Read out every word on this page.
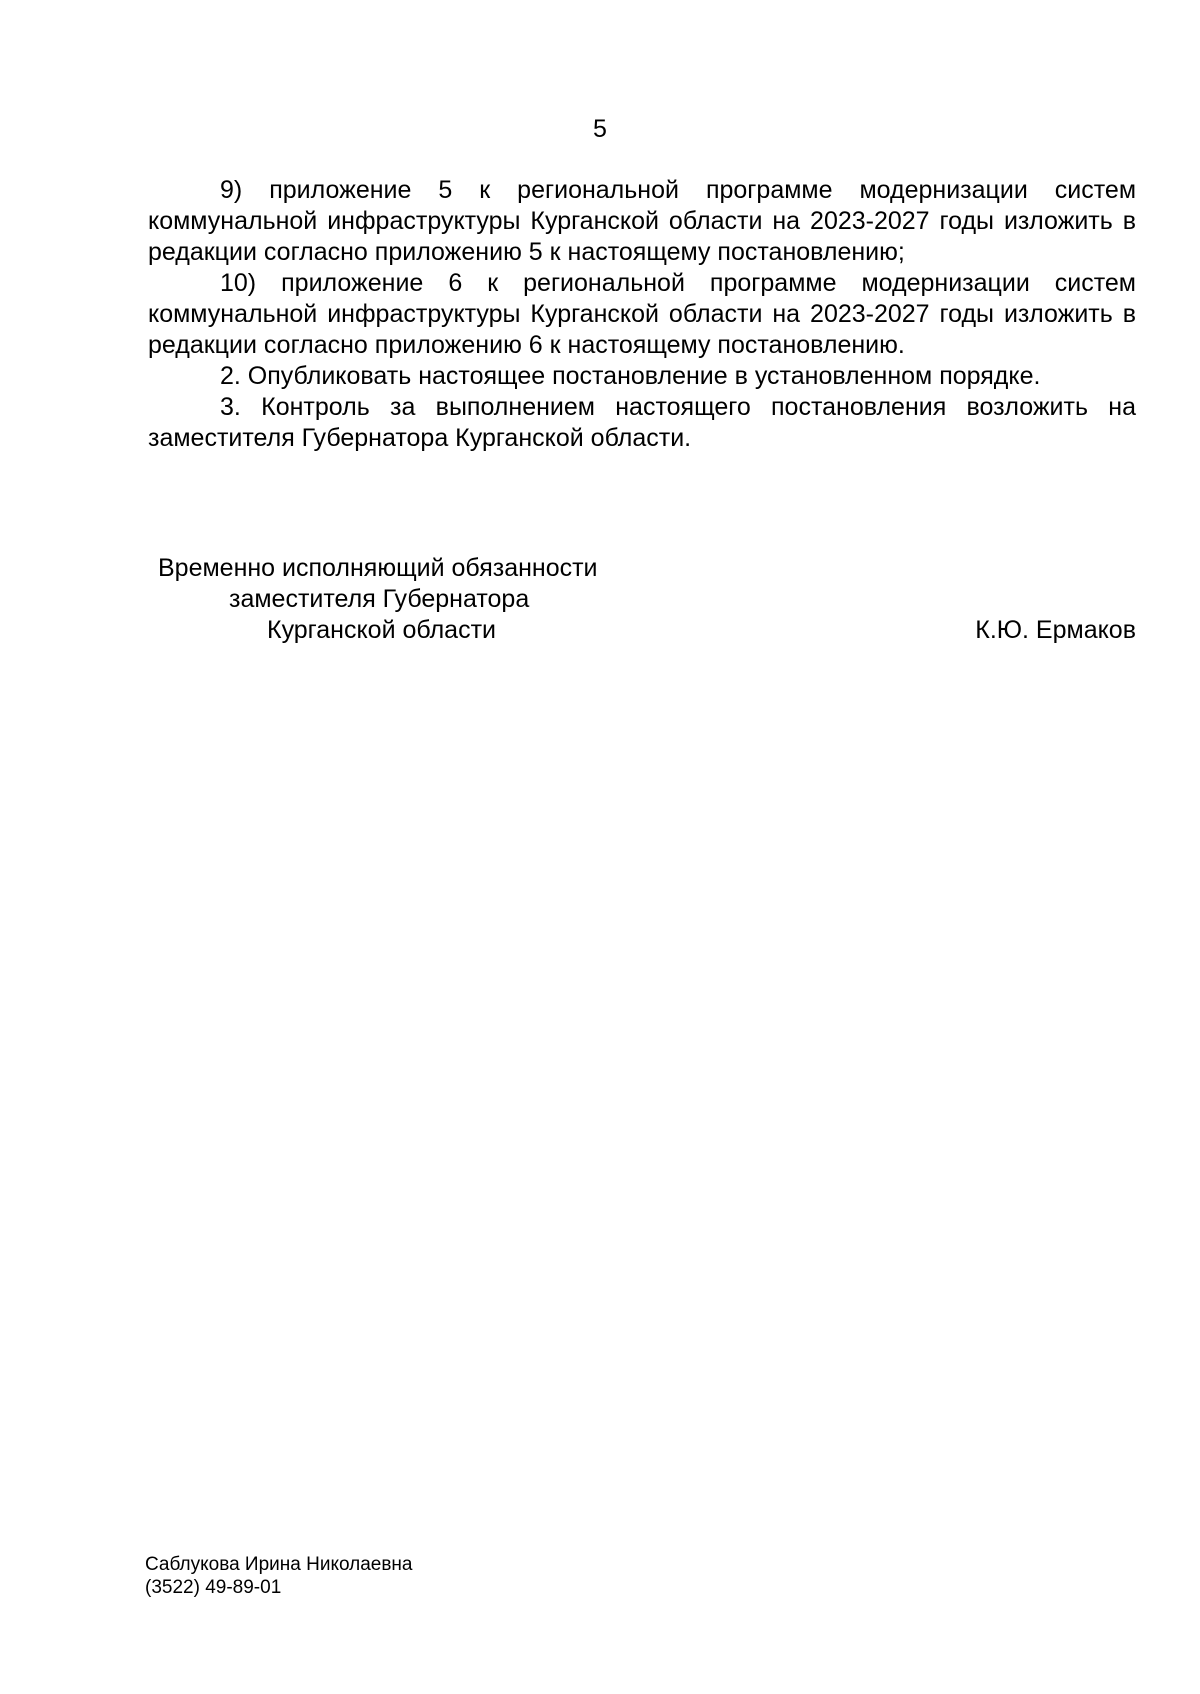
5

9) приложение 5 к региональной программе модернизации систем коммунальной инфраструктуры Курганской области на 2023-2027 годы изложить в редакции согласно приложению 5 к настоящему постановлению;

10) приложение 6 к региональной программе модернизации систем коммунальной инфраструктуры Курганской области на 2023-2027 годы изложить в редакции согласно приложению 6 к настоящему постановлению.

2. Опубликовать настоящее постановление в установленном порядке.

3. Контроль за выполнением настоящего постановления возложить на заместителя Губернатора Курганской области.

Временно исполняющий обязанности
заместителя Губернатора
Курганской области	К.Ю. Ермаков
Саблукова Ирина Николаевна
(3522) 49-89-01
